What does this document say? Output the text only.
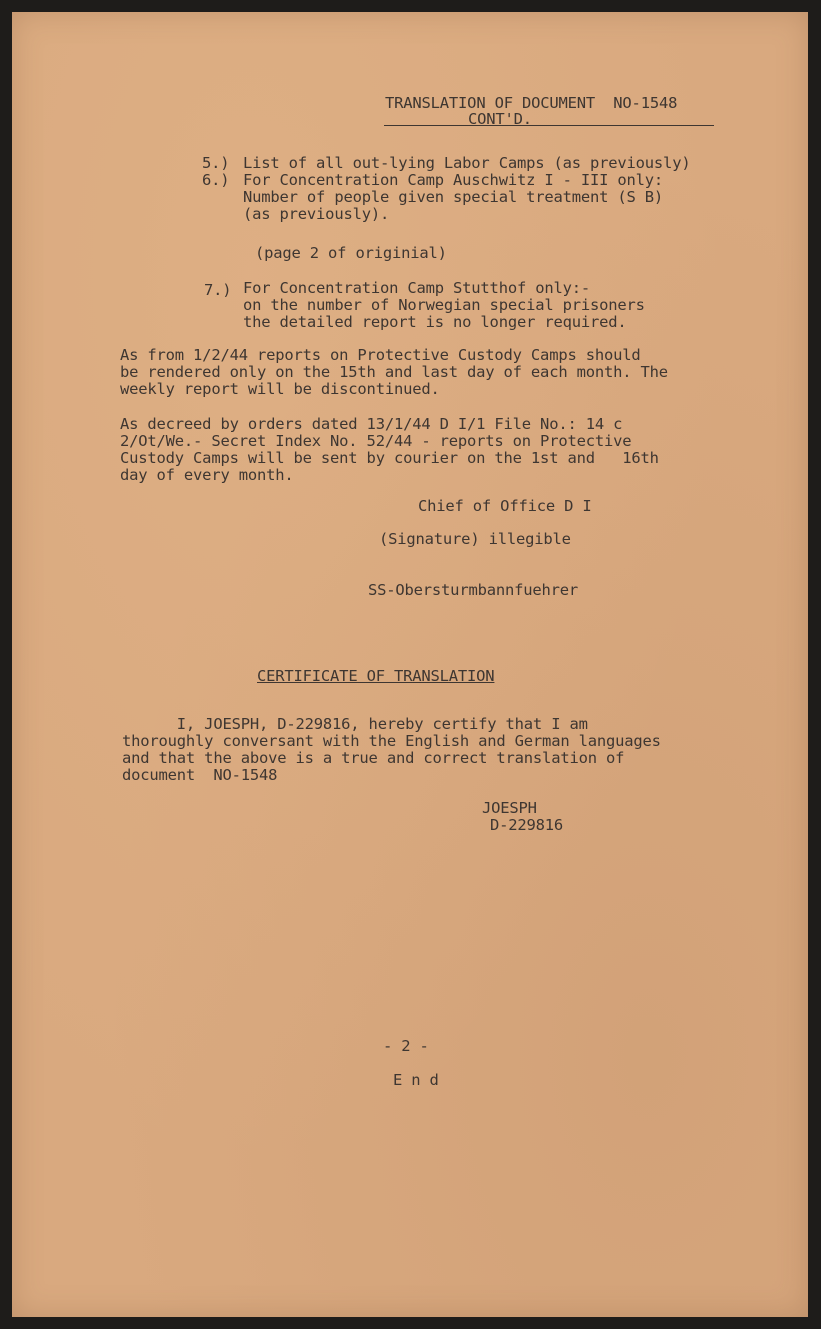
TRANSLATION OF DOCUMENT  NO-1548
CONT'D.
5.) List of all out-lying Labor Camps (as previously)
6.) For Concentration Camp Auschwitz I - III only:
Number of people given special treatment (S B)
(as previously).
(page 2 of originial)
7.) For Concentration Camp Stutthof only:-
on the number of Norwegian special prisoners
the detailed report is no longer required.
As from 1/2/44 reports on Protective Custody Camps should
be rendered only on the 15th and last day of each month. The
weekly report will be discontinued.
As decreed by orders dated 13/1/44 D I/1 File No.: 14 c
2/Ot/We.- Secret Index No. 52/44 - reports on Protective
Custody Camps will be sent by courier on the 1st and   16th
day of every month.
Chief of Office D I
(Signature) illegible
SS-Obersturmbannfuehrer
CERTIFICATE OF TRANSLATION
I, JOESPH, D-229816, hereby certify that I am
thoroughly conversant with the English and German languages
and that the above is a true and correct translation of
document  NO-1548
JOESPH
D-229816
- 2 -
E n d
